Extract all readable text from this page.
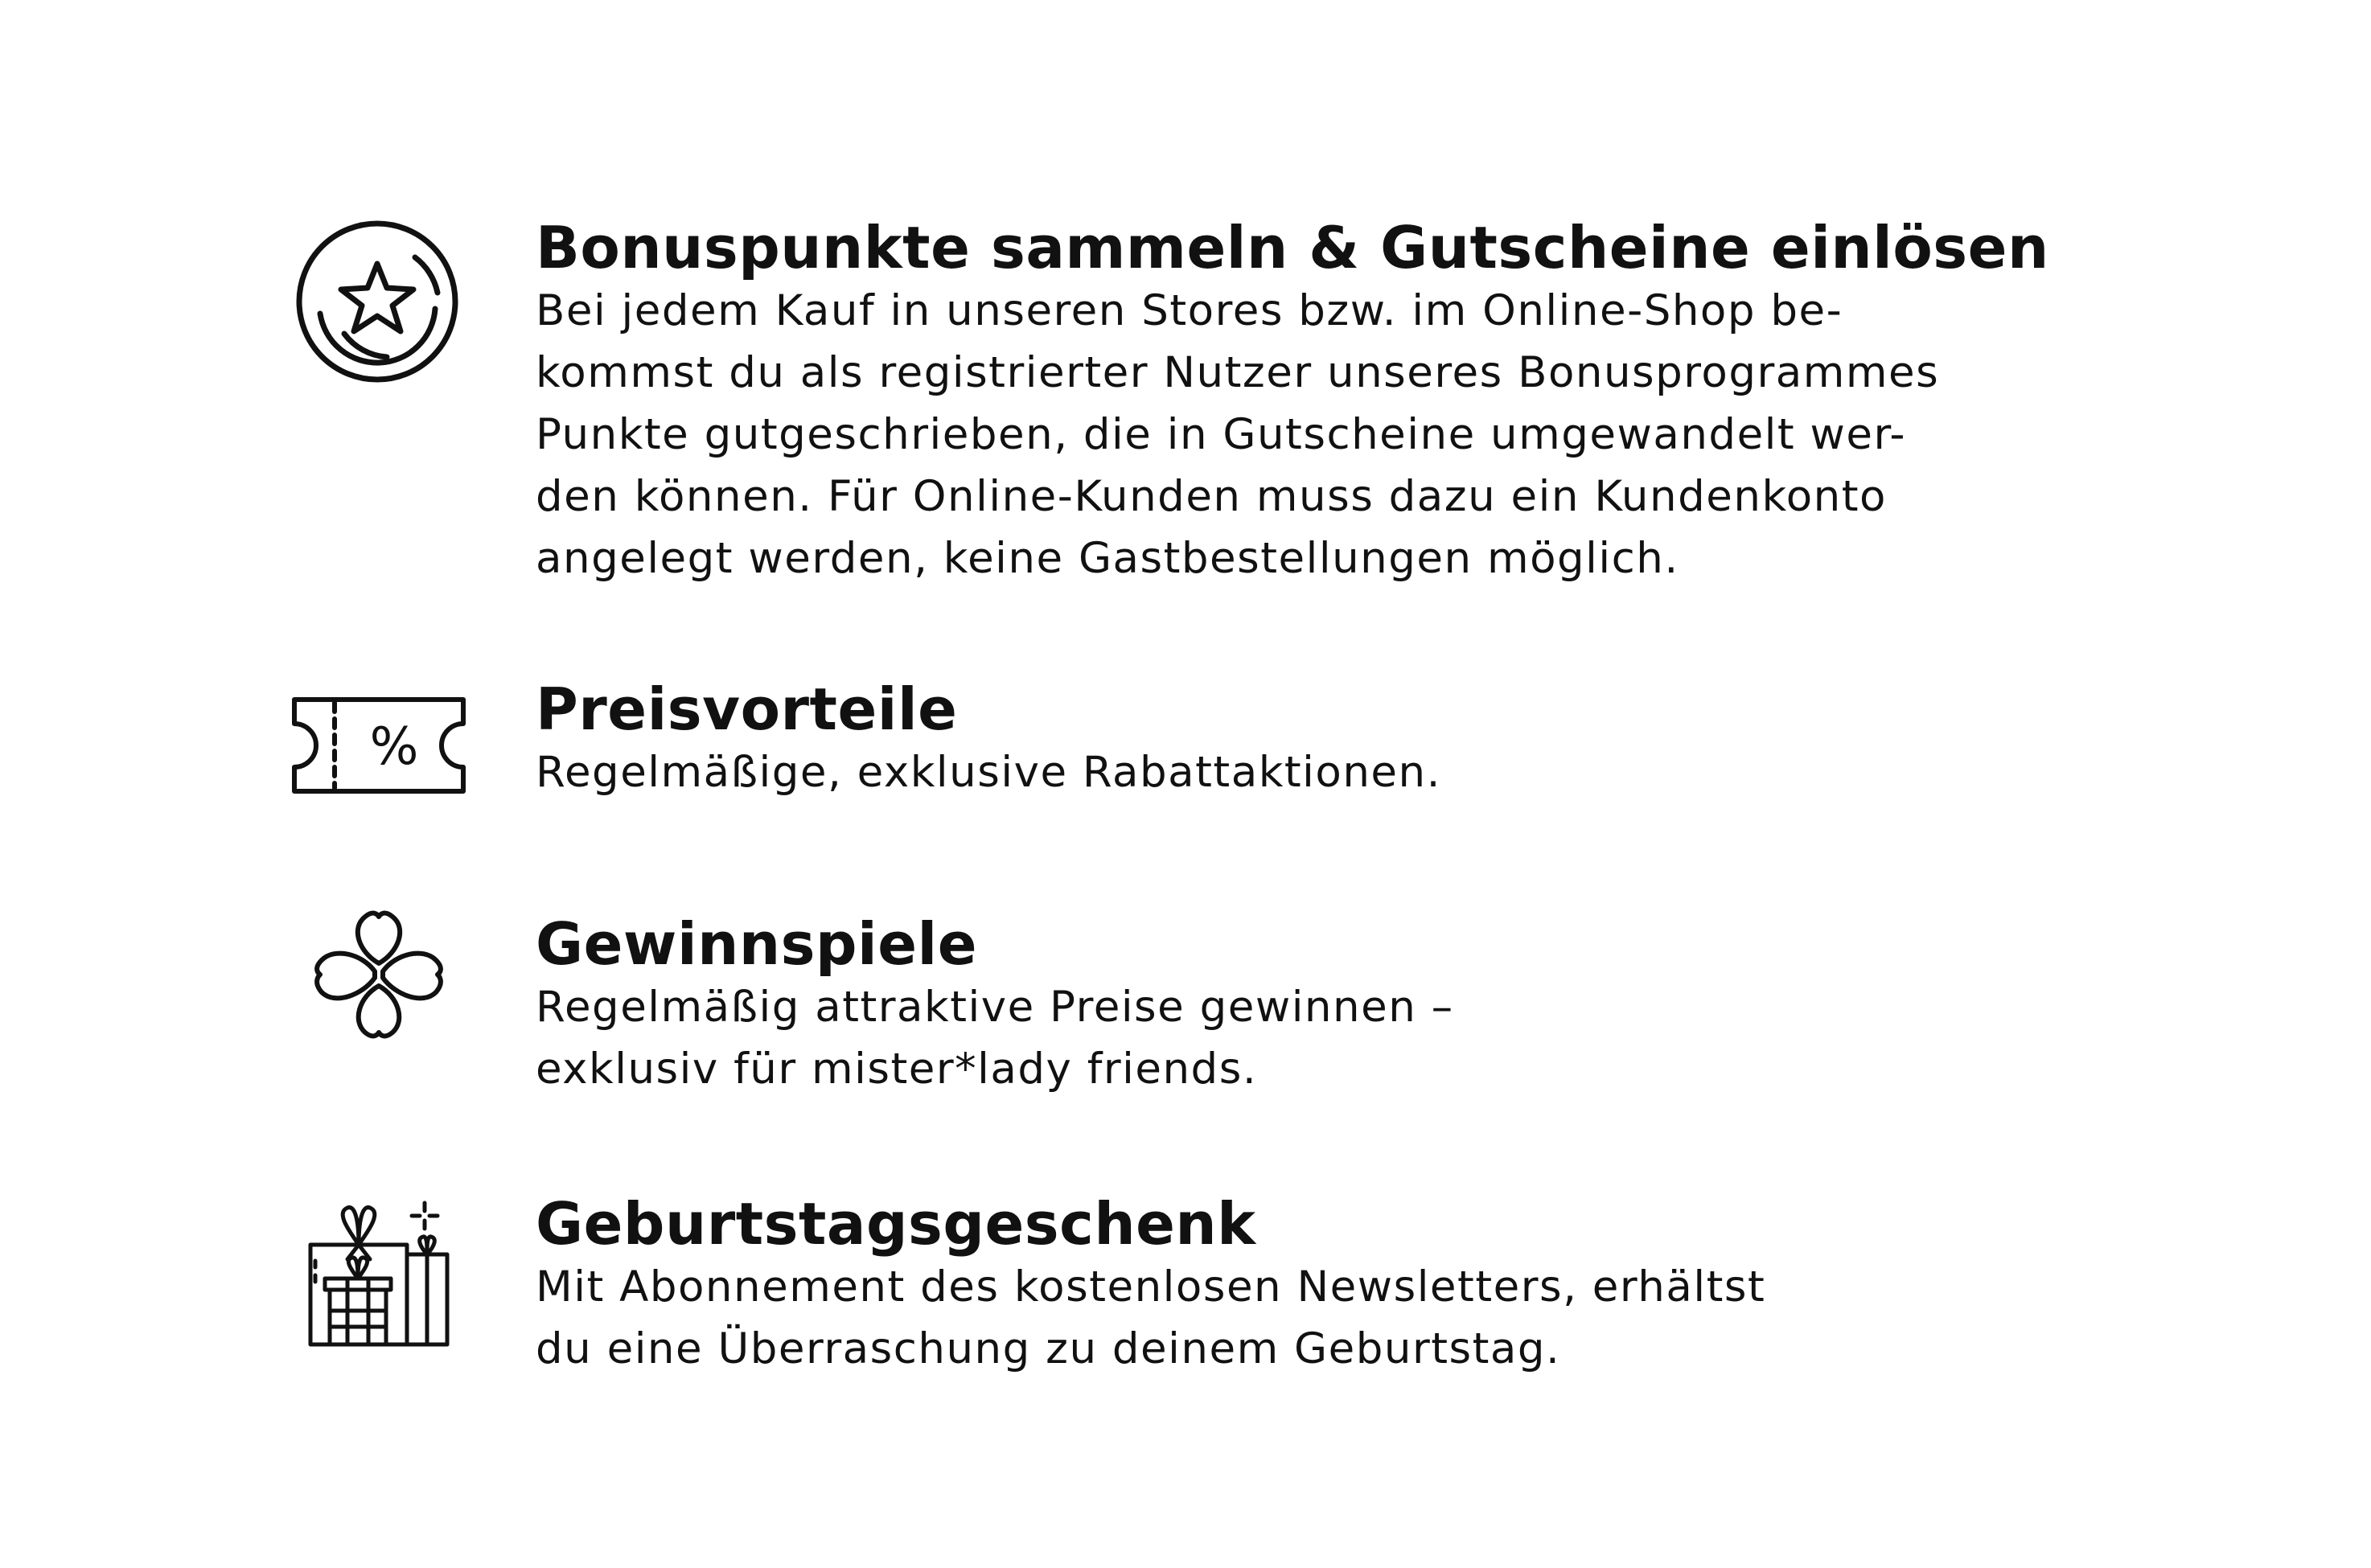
Bonuspunkte sammeln & Gutscheine einlösen

Bei jedem Kauf in unseren Stores bzw. im Online-Shop be-
kommst du als registrierter Nutzer unseres Bonusprogrammes
Punkte gutgeschrieben, die in Gutscheine umgewandelt wer-
den können. Für Online-Kunden muss dazu ein Kundenkonto
angelegt werden, keine Gastbestellungen möglich.

%
Preisvorteile

Regelmäßige, exklusive Rabattaktionen.

Gewinnspiele

Regelmäßig attraktive Preise gewinnen –
exklusiv für mister*lady friends.

Geburtstagsgeschenk

Mit Abonnement des kostenlosen Newsletters, erhältst
du eine Überraschung zu deinem Geburtstag.
